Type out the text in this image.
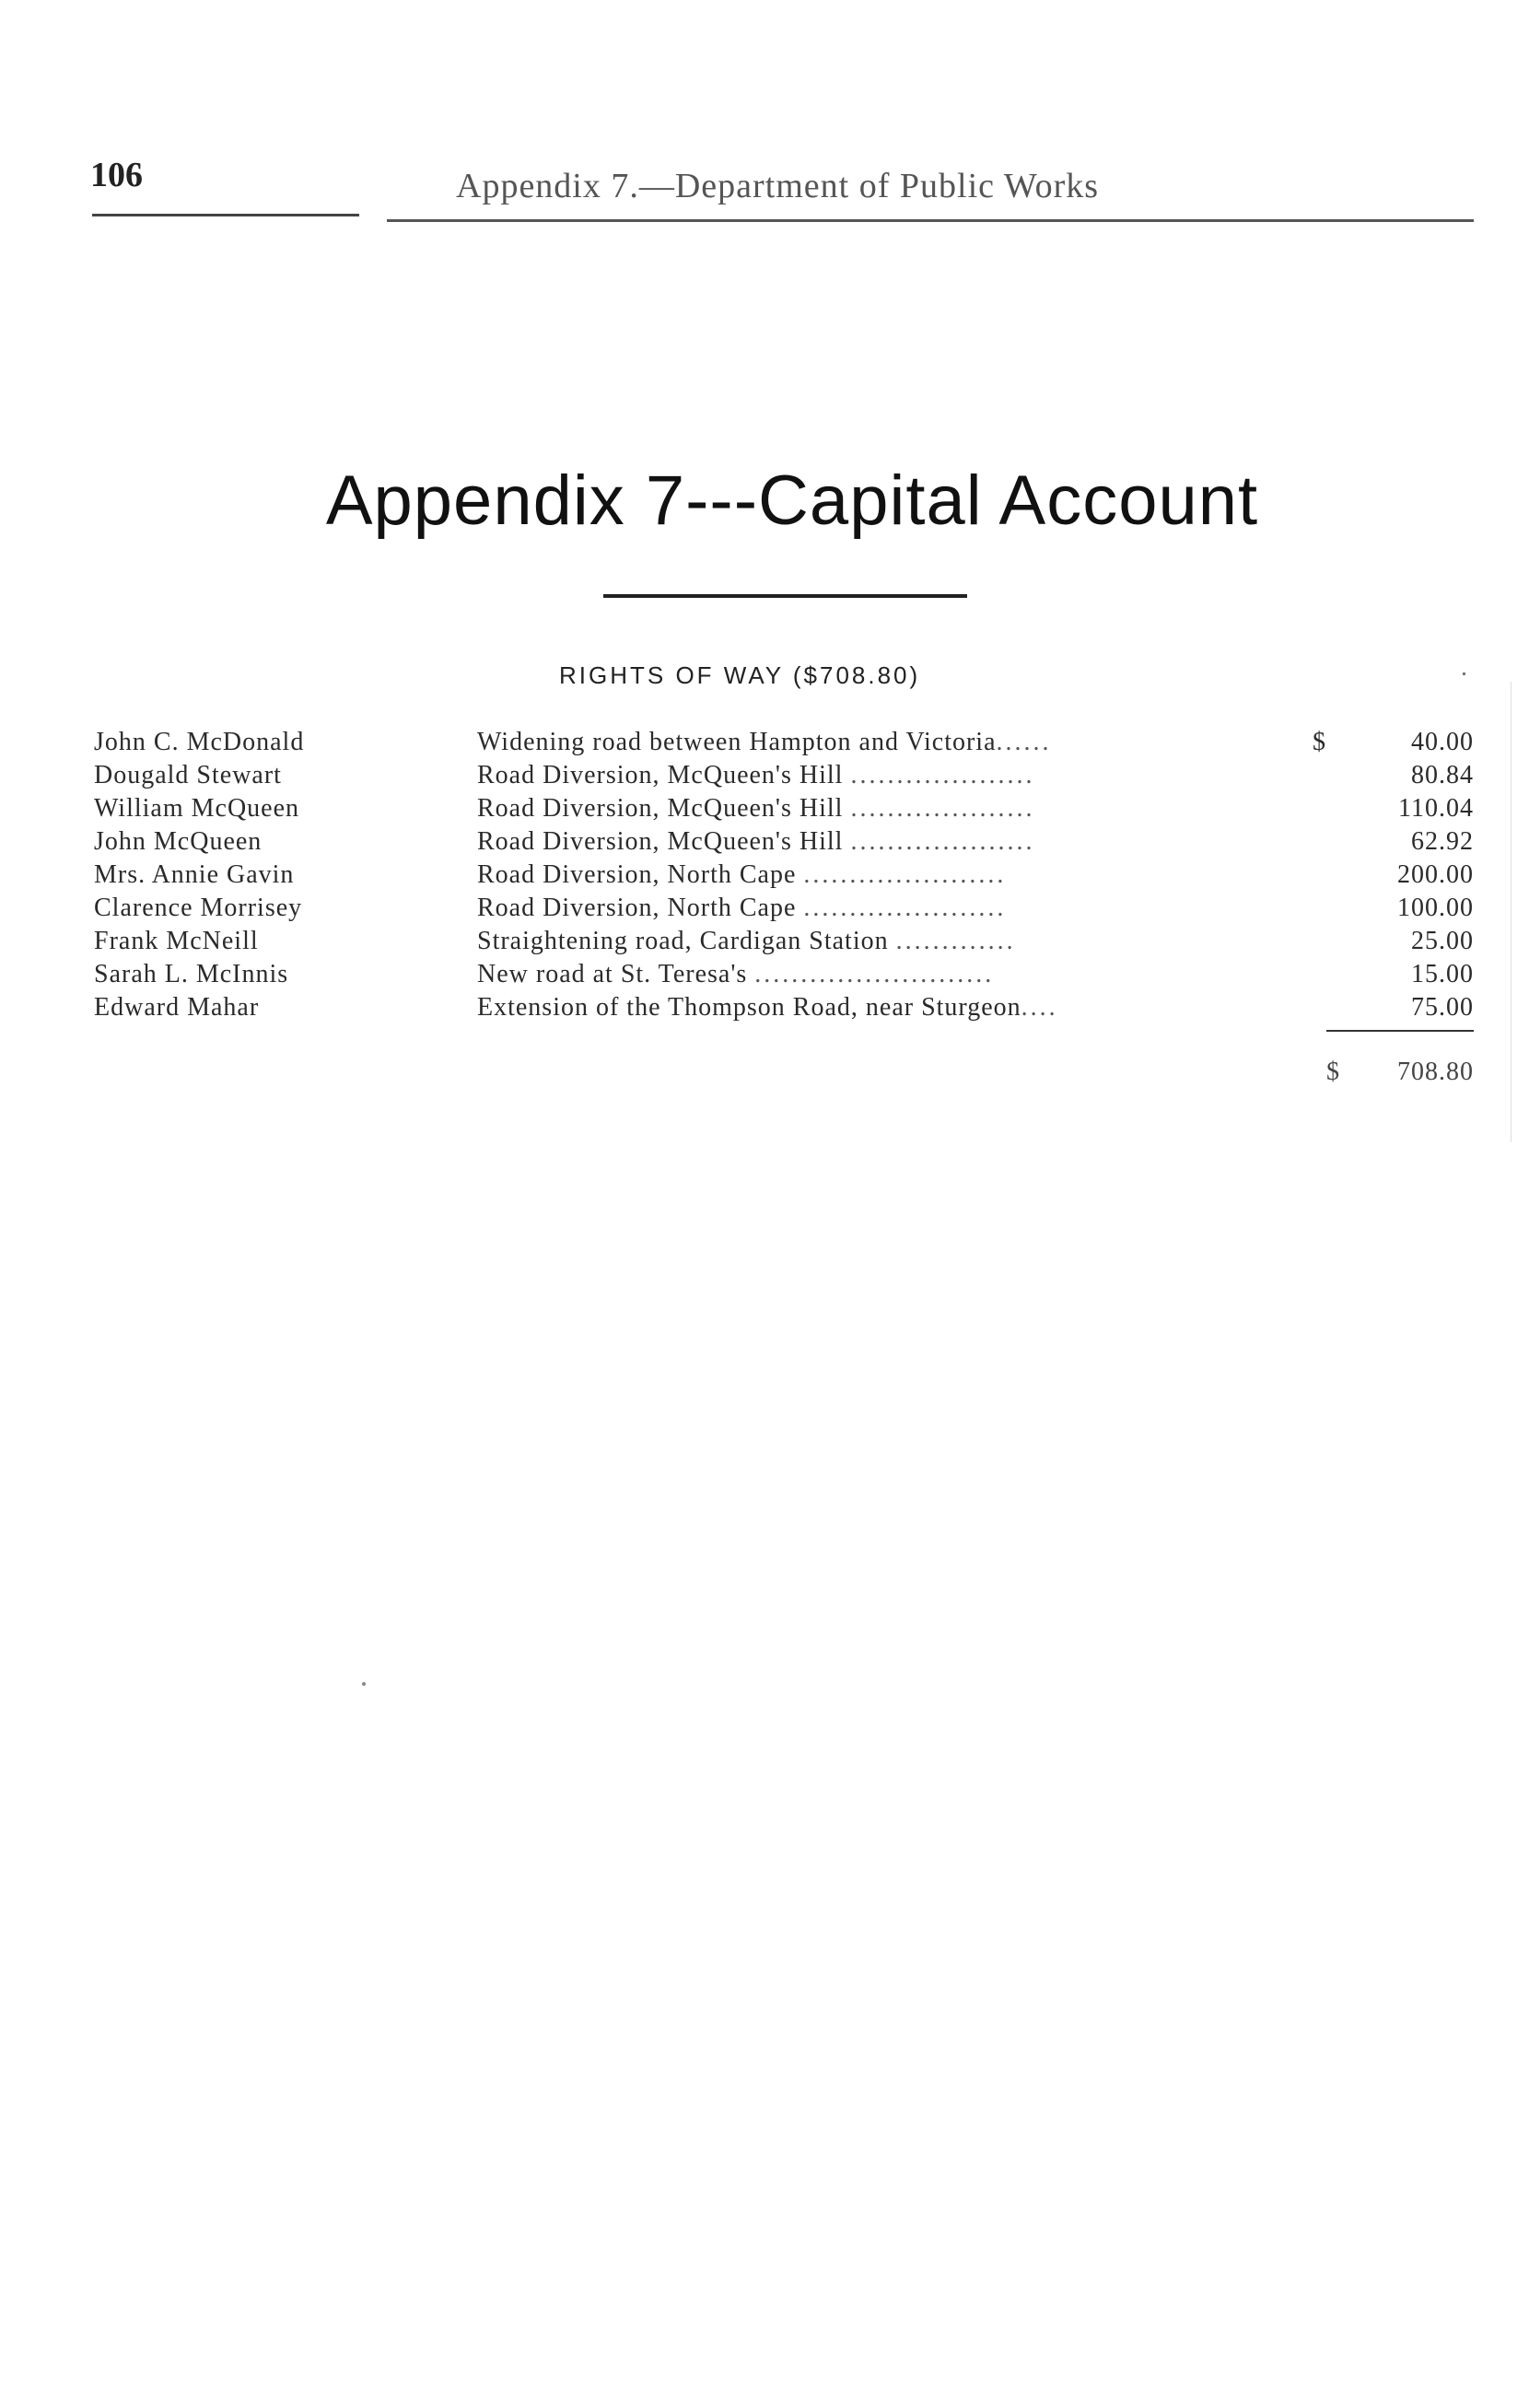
106	Appendix 7.—Department of Public Works
Appendix 7---Capital Account
RIGHTS OF WAY ($708.80)
John C. McDonald	Widening road between Hampton and Victoria......	$	40.00
Dougald Stewart	Road Diversion, McQueen's Hill ....................	80.84
William McQueen	Road Diversion, McQueen's Hill ....................	110.04
John McQueen	Road Diversion, McQueen's Hill ....................	62.92
Mrs. Annie Gavin	Road Diversion, North Cape ......................	200.00
Clarence Morrisey	Road Diversion, North Cape ......................	100.00
Frank McNeill	Straightening road, Cardigan Station .............	25.00
Sarah L. McInnis	New road at St. Teresa's ..........................	15.00
Edward Mahar	Extension of the Thompson Road, near Sturgeon....	75.00
$ 708.80
